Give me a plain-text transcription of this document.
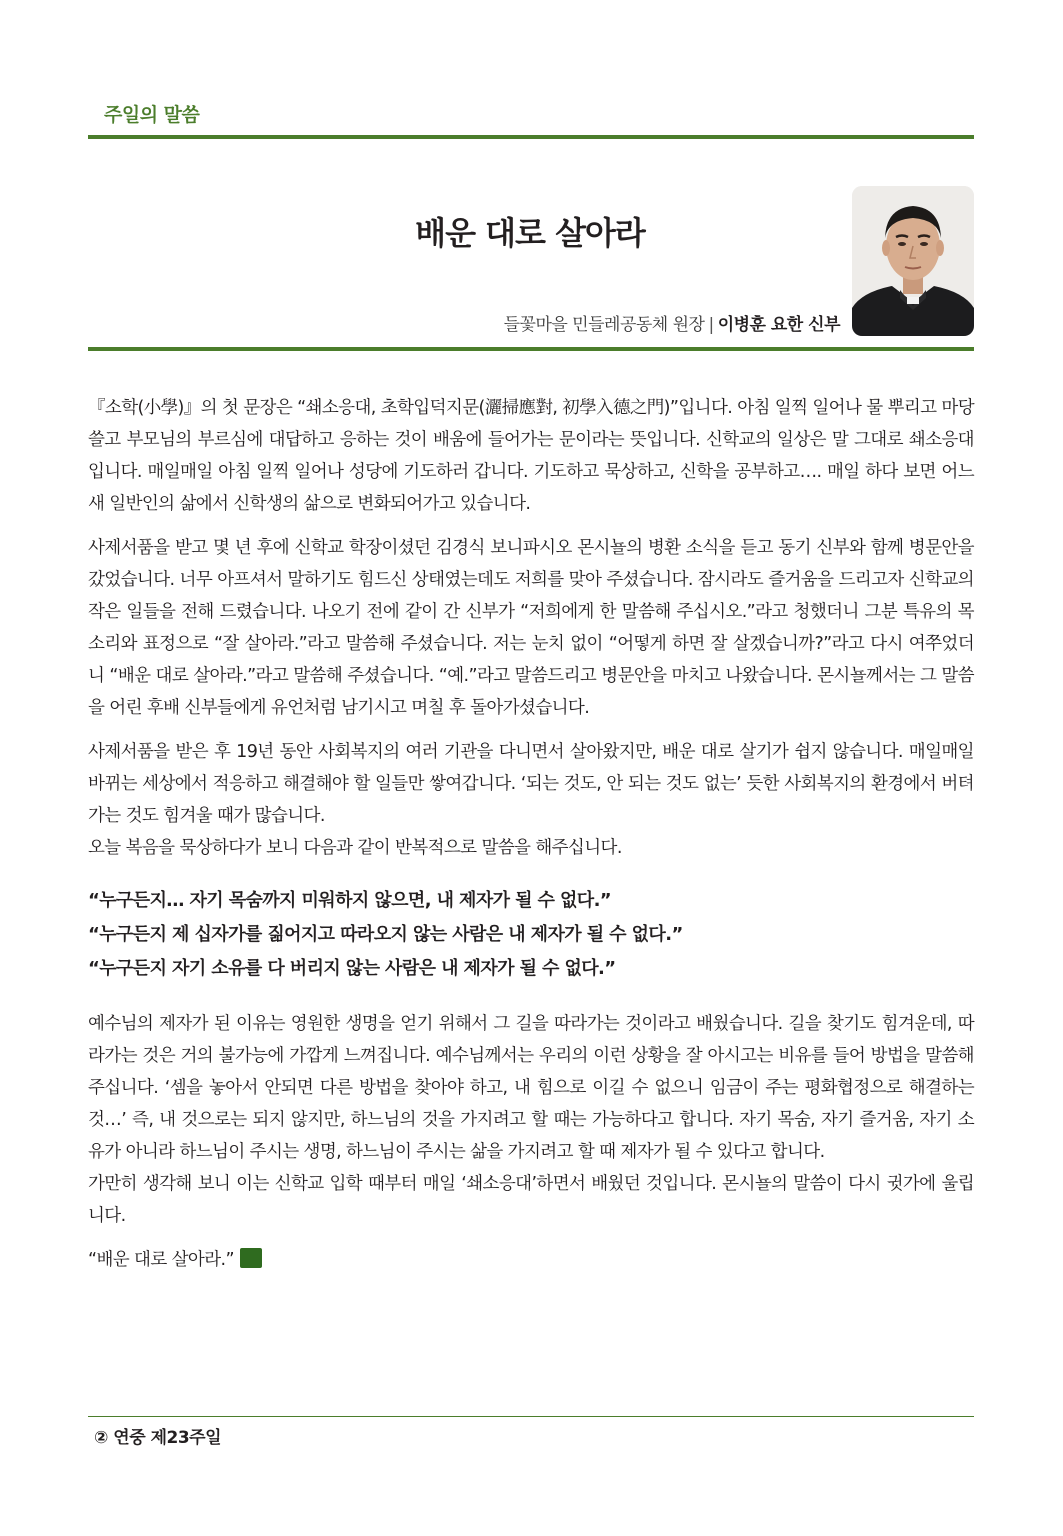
주일의 말씀
배운 대로 살아라
들꽃마을 민들레공동체 원장 | 이병훈 요한 신부

『소학(小學)』의 첫 문장은 “쇄소응대, 초학입덕지문(灑掃應對, 初學入德之門)”입니다. 아침 일찍 일어나 물 뿌리고 마당 쓸고 부모님의 부르심에 대답하고 응하는 것이 배움에 들어가는 문이라는 뜻입니다. 신학교의 일상은 말 그대로 쇄소응대입니다. 매일매일 아침 일찍 일어나 성당에 기도하러 갑니다. 기도하고 묵상하고, 신학을 공부하고…. 매일 하다 보면 어느새 일반인의 삶에서 신학생의 삶으로 변화되어가고 있습니다.

사제서품을 받고 몇 년 후에 신학교 학장이셨던 김경식 보니파시오 몬시뇰의 병환 소식을 듣고 동기 신부와 함께 병문안을 갔었습니다. 너무 아프셔서 말하기도 힘드신 상태였는데도 저희를 맞아 주셨습니다. 잠시라도 즐거움을 드리고자 신학교의 작은 일들을 전해 드렸습니다. 나오기 전에 같이 간 신부가 “저희에게 한 말씀해 주십시오.”라고 청했더니 그분 특유의 목소리와 표정으로 “잘 살아라.”라고 말씀해 주셨습니다. 저는 눈치 없이 “어떻게 하면 잘 살겠습니까?”라고 다시 여쭈었더니 “배운 대로 살아라.”라고 말씀해 주셨습니다. “예.”라고 말씀드리고 병문안을 마치고 나왔습니다. 몬시뇰께서는 그 말씀을 어린 후배 신부들에게 유언처럼 남기시고 며칠 후 돌아가셨습니다.

사제서품을 받은 후 19년 동안 사회복지의 여러 기관을 다니면서 살아왔지만, 배운 대로 살기가 쉽지 않습니다. 매일매일 바뀌는 세상에서 적응하고 해결해야 할 일들만 쌓여갑니다. ‘되는 것도, 안 되는 것도 없는’ 듯한 사회복지의 환경에서 버텨가는 것도 힘겨울 때가 많습니다.

오늘 복음을 묵상하다가 보니 다음과 같이 반복적으로 말씀을 해주십니다.

“누구든지… 자기 목숨까지 미워하지 않으면, 내 제자가 될 수 없다.”
“누구든지 제 십자가를 짊어지고 따라오지 않는 사람은 내 제자가 될 수 없다.”
“누구든지 자기 소유를 다 버리지 않는 사람은 내 제자가 될 수 없다.”

예수님의 제자가 된 이유는 영원한 생명을 얻기 위해서 그 길을 따라가는 것이라고 배웠습니다. 길을 찾기도 힘겨운데, 따라가는 것은 거의 불가능에 가깝게 느껴집니다. 예수님께서는 우리의 이런 상황을 잘 아시고는 비유를 들어 방법을 말씀해 주십니다. ‘셈을 놓아서 안되면 다른 방법을 찾아야 하고, 내 힘으로 이길 수 없으니 임금이 주는 평화협정으로 해결하는 것…’ 즉, 내 것으로는 되지 않지만, 하느님의 것을 가지려고 할 때는 가능하다고 합니다. 자기 목숨, 자기 즐거움, 자기 소유가 아니라 하느님이 주시는 생명, 하느님이 주시는 삶을 가지려고 할 때 제자가 될 수 있다고 합니다.

가만히 생각해 보니 이는 신학교 입학 때부터 매일 ‘쇄소응대’하면서 배웠던 것입니다. 몬시뇰의 말씀이 다시 귓가에 울립니다.

“배운 대로 살아라.”

② 연중 제23주일
